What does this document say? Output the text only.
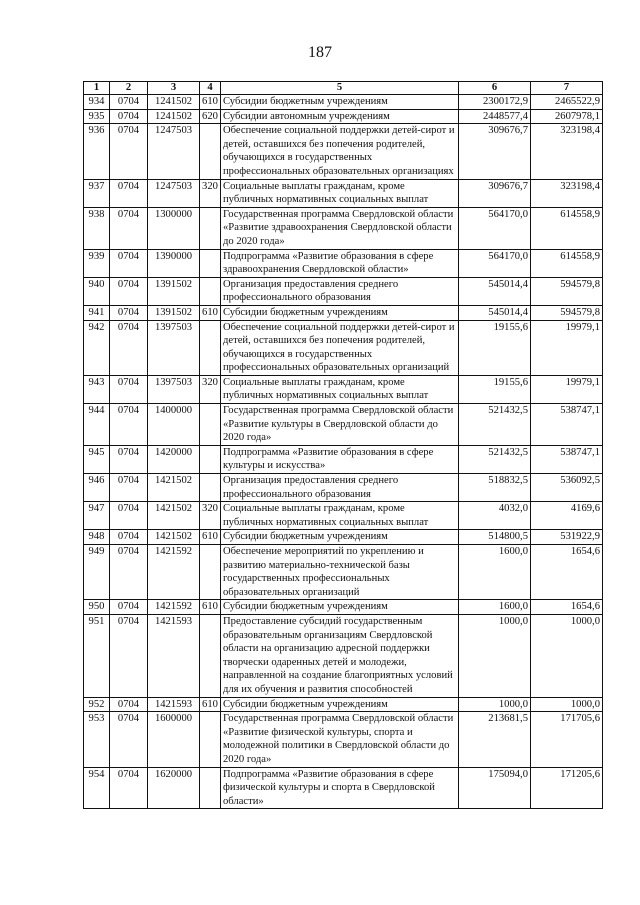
187
1	2	3	4	5	6	7
934	0704	1241502	610	Субсидии бюджетным учреждениям	2300172,9	2465522,9
935	0704	1241502	620	Субсидии автономным учреждениям	2448577,4	2607978,1
936	0704	1247503		Обеспечение социальной поддержки детей-сирот и детей, оставшихся без попечения родителей, обучающихся в государственных профессиональных образовательных организациях	309676,7	323198,4
937	0704	1247503	320	Социальные выплаты гражданам, кроме публичных нормативных социальных выплат	309676,7	323198,4
938	0704	1300000		Государственная программа Свердловской области «Развитие здравоохранения Свердловской области до 2020 года»	564170,0	614558,9
939	0704	1390000		Подпрограмма «Развитие образования в сфере здравоохранения Свердловской области»	564170,0	614558,9
940	0704	1391502		Организация предоставления среднего профессионального образования	545014,4	594579,8
941	0704	1391502	610	Субсидии бюджетным учреждениям	545014,4	594579,8
942	0704	1397503		Обеспечение социальной поддержки детей-сирот и детей, оставшихся без попечения родителей, обучающихся в государственных профессиональных образовательных организаций	19155,6	19979,1
943	0704	1397503	320	Социальные выплаты гражданам, кроме публичных нормативных социальных выплат	19155,6	19979,1
944	0704	1400000		Государственная программа Свердловской области «Развитие культуры в Свердловской области до 2020 года»	521432,5	538747,1
945	0704	1420000		Подпрограмма «Развитие образования в сфере культуры и искусства»	521432,5	538747,1
946	0704	1421502		Организация предоставления среднего профессионального образования	518832,5	536092,5
947	0704	1421502	320	Социальные выплаты гражданам, кроме публичных нормативных социальных выплат	4032,0	4169,6
948	0704	1421502	610	Субсидии бюджетным учреждениям	514800,5	531922,9
949	0704	1421592		Обеспечение мероприятий по укреплению и развитию материально-технической базы государственных профессиональных образовательных организаций	1600,0	1654,6
950	0704	1421592	610	Субсидии бюджетным учреждениям	1600,0	1654,6
951	0704	1421593		Предоставление субсидий государственным образовательным организациям Свердловской области на организацию адресной поддержки творчески одаренных детей и молодежи, направленной на создание благоприятных условий для их обучения и развития способностей	1000,0	1000,0
952	0704	1421593	610	Субсидии бюджетным учреждениям	1000,0	1000,0
953	0704	1600000		Государственная программа Свердловской области «Развитие физической культуры, спорта и молодежной политики в Свердловской области до 2020 года»	213681,5	171705,6
954	0704	1620000		Подпрограмма «Развитие образования в сфере физической культуры и спорта в Свердловской области»	175094,0	171205,6
